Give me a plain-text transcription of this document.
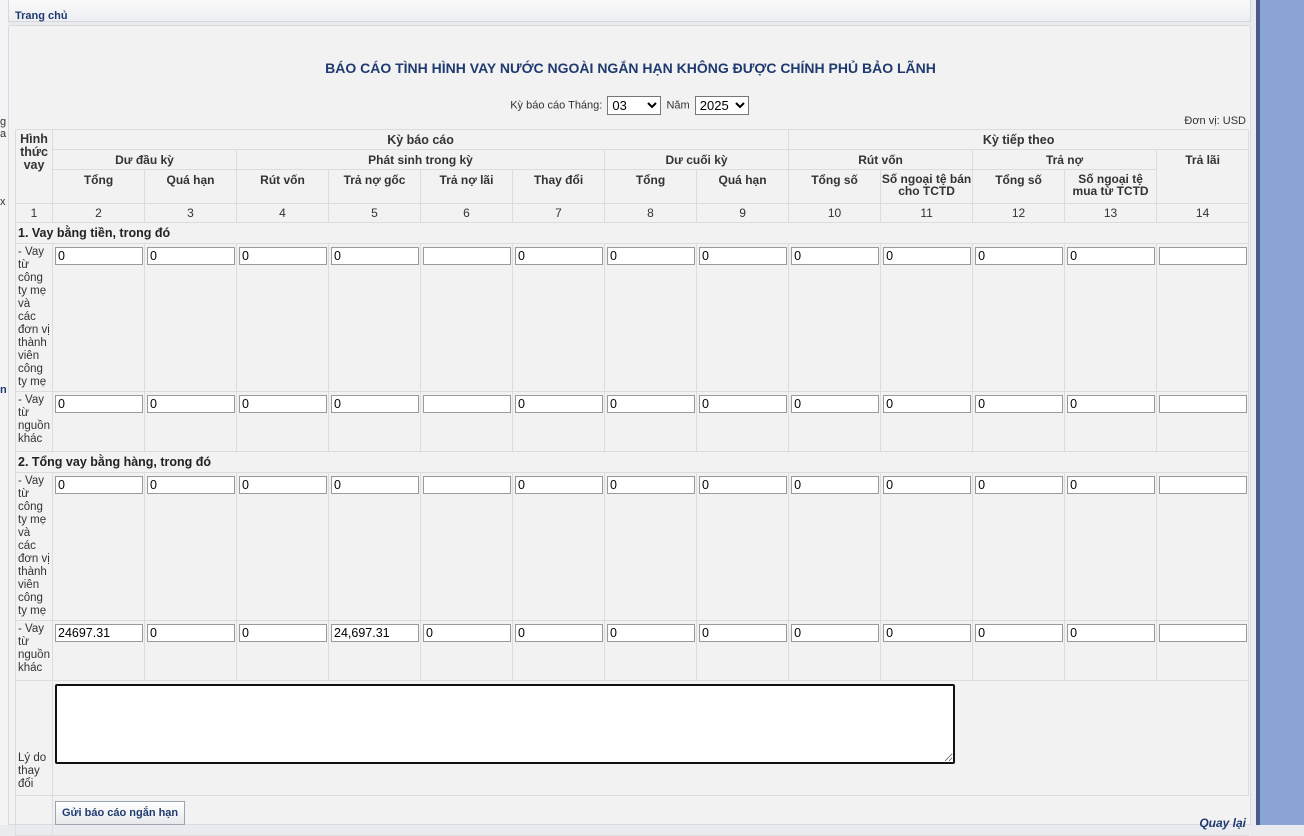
g
a
x
n
Trang chủ
BÁO CÁO TÌNH HÌNH VAY NƯỚC NGOÀI NGẮN HẠN KHÔNG ĐƯỢC CHÍNH PHỦ BẢO LÃNH
Kỳ báo cáo Tháng:
03	Năm
2025
Đơn vị: USD
Hình thức vay	Kỳ báo cáo								Kỳ tiếp theo				
	Dư đầu kỳ		Phát sinh trong kỳ				Dư cuối kỳ		Rút vốn		Trả nợ		Trả lãi
	Tổng	Quá hạn	Rút vốn	Trả nợ gốc	Trả nợ lãi	Thay đổi	Tổng	Quá hạn	Tổng số	Số ngoại tệ bán cho TCTD	Tổng số	Số ngoại tệ mua từ TCTD	
1	2	3	4	5	6	7	8	9	10	11	12	13	14
1. Vay bằng tiền, trong đó													
- Vay từ công ty mẹ và các đơn vị thành viên công ty mẹ	0	0	0	0		0	0	0	0	0	0	0	
- Vay từ nguồn khác	0	0	0	0		0	0	0	0	0	0	0	
2. Tổng vay bằng hàng, trong đó													
- Vay từ công ty mẹ và các đơn vị thành viên công ty mẹ	0	0	0	0		0	0	0	0	0	0	0	
- Vay từ nguồn khác	24697.31	0	0	24,697.31	0	0	0	0	0	0	0	0	
Lý do thay đổi	
	Gửi báo cáo ngắn hạn												
Quay lại
